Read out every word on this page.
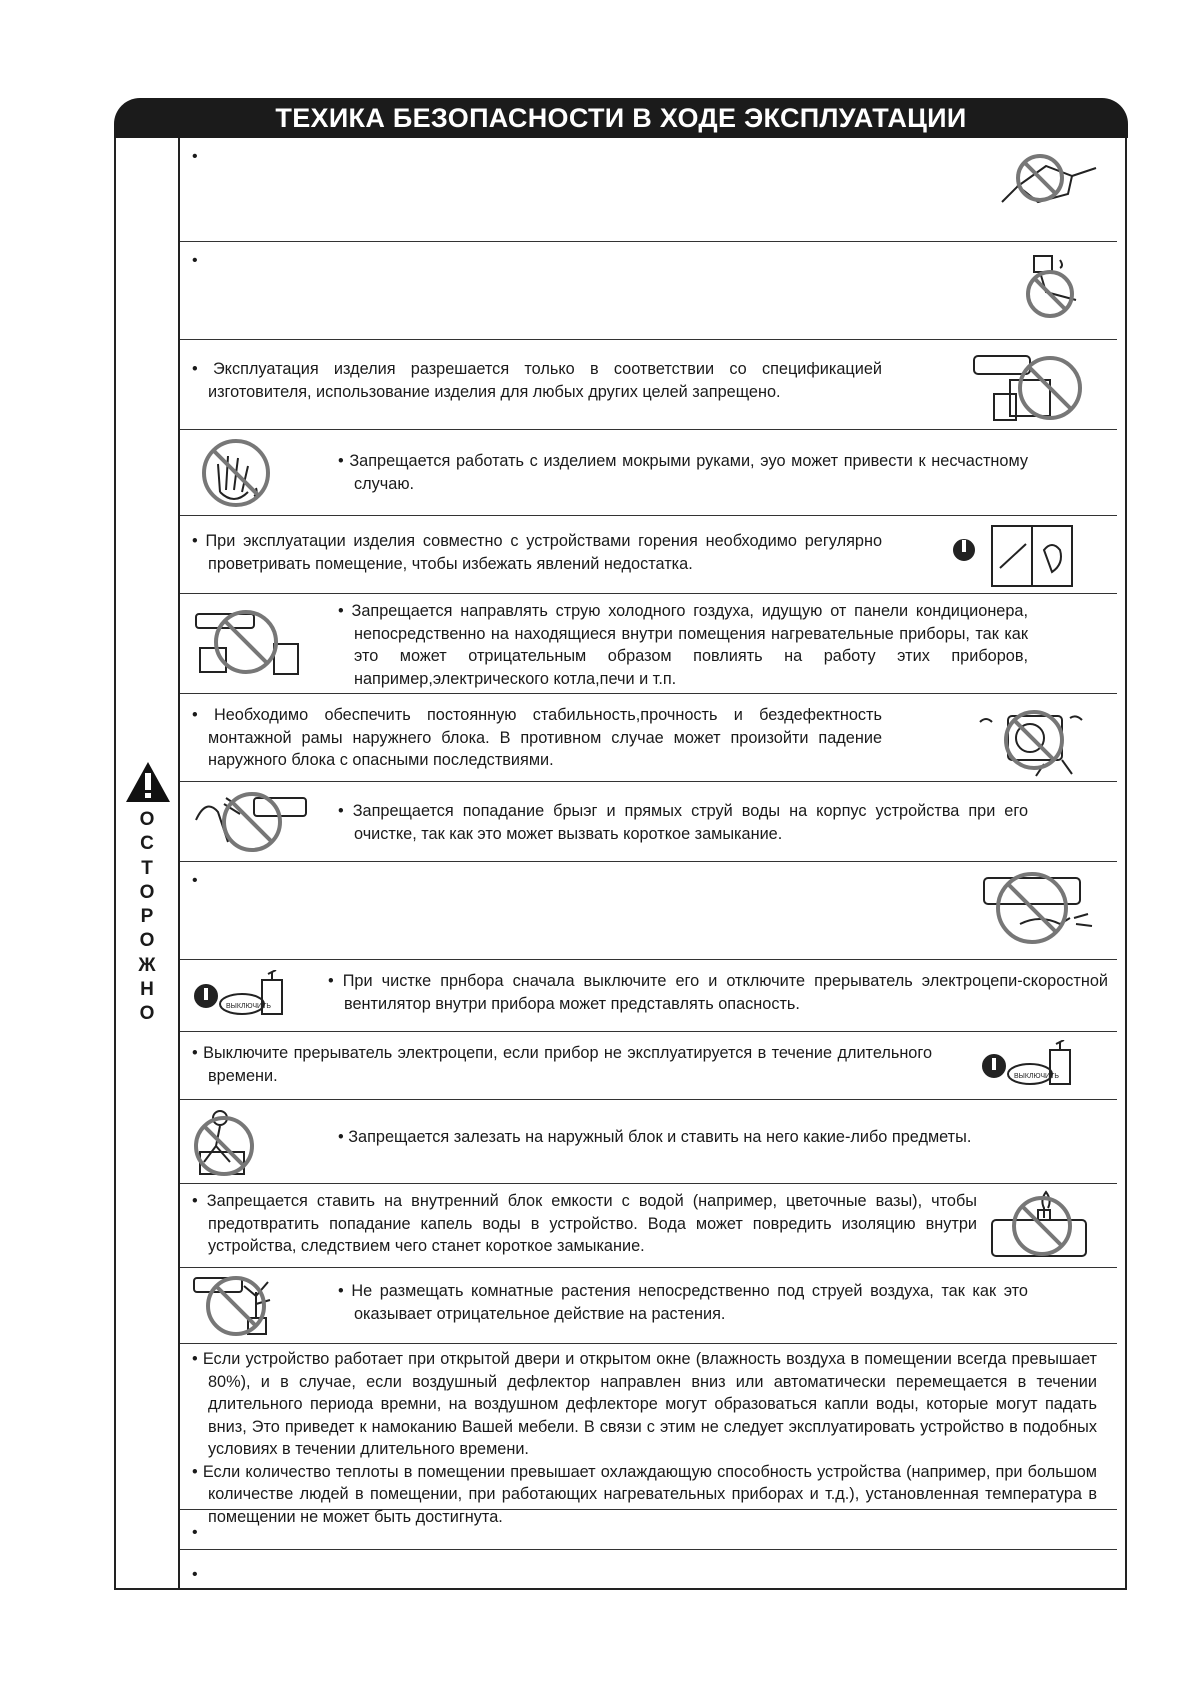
ТЕХИКА БЕЗОПАСНОСТИ В ХОДЕ ЭКСПЛУАТАЦИИ
О
С
Т
О
Р
О
Ж
Н
О
•
•

• Эксплуатация изделия разрешается только в соответствии со спецификацией изготовителя, использование изделия для любых других целей запрещено.

• Запрещается работать с изделием мокрыми руками, эуо может привести к несчастному случаю.

• При эксплуатации изделия совместно с устройствами горения необходимо регулярно проветривать помещение, чтобы избежать явлений недостатка.

• Запрещается направлять струю холодного гоздуха, идущую от панели кондиционера, непосредственно на находящиеся внутри помещения нагревательные приборы, так как это может отрицательным образом повлиять на работу этих приборов, например,электрического котла,печи и т.п.

• Необходимо обеспечить постоянную стабильность,прочность и бездефектность монтажной рамы наружнего блока. В противном случае может произойти падение наружного блока с опасными последствиями.

• Запрещается попадание брыэг и прямых струй воды на корпус устройства при его очистке, так как это может вызвать короткое замыкание.

•
ВЫКЛЮЧИТЬ

• При чистке прнбора сначала выключите его и отключите прерыватель электроцепи-скоростной вентилятор внутри прибора может представлять опасность.

• Выключите прерыватель электроцепи, если прибор не эксплуатируется в течение длительного времени.	ВЫКЛЮЧИТЬ

• Запрещается залезать на наружный блок и ставить на него какие-либо предметы.

• Запрещается ставить на внутренний блок емкости с водой (например, цветочные вазы), чтобы предотвратить попадание капель воды в устройство. Вода может повредить изоляцию внутри устройства, следствием чего станет короткое замыкание.

• Не размещать комнатные растения непосредственно под струей воздуха, так как это оказывает отрицательное действие на растения.

• Если устройство работает при открытой двери и открытом окне (влажность воздуха в помещении всегда превышает 80%), и в случае, если воздушный дефлектор направлен вниз или автоматически перемещается в течении длительного периода времни, на воздушном дефлекторе могут образоваться капли воды, которые могут падать вниз, Это приведет к намоканию Вашей мебели. В связи с этим не следует эксплуатировать устройство в подобных условиях в течении длительного времени.

• Если количество теплоты в помещении превышает охлаждающую способность устройства (например, при большом количестве людей в помещении, при работающих нагревательных приборах и т.д.), установленная температура в помещении не может быть достигнута.

•
•
